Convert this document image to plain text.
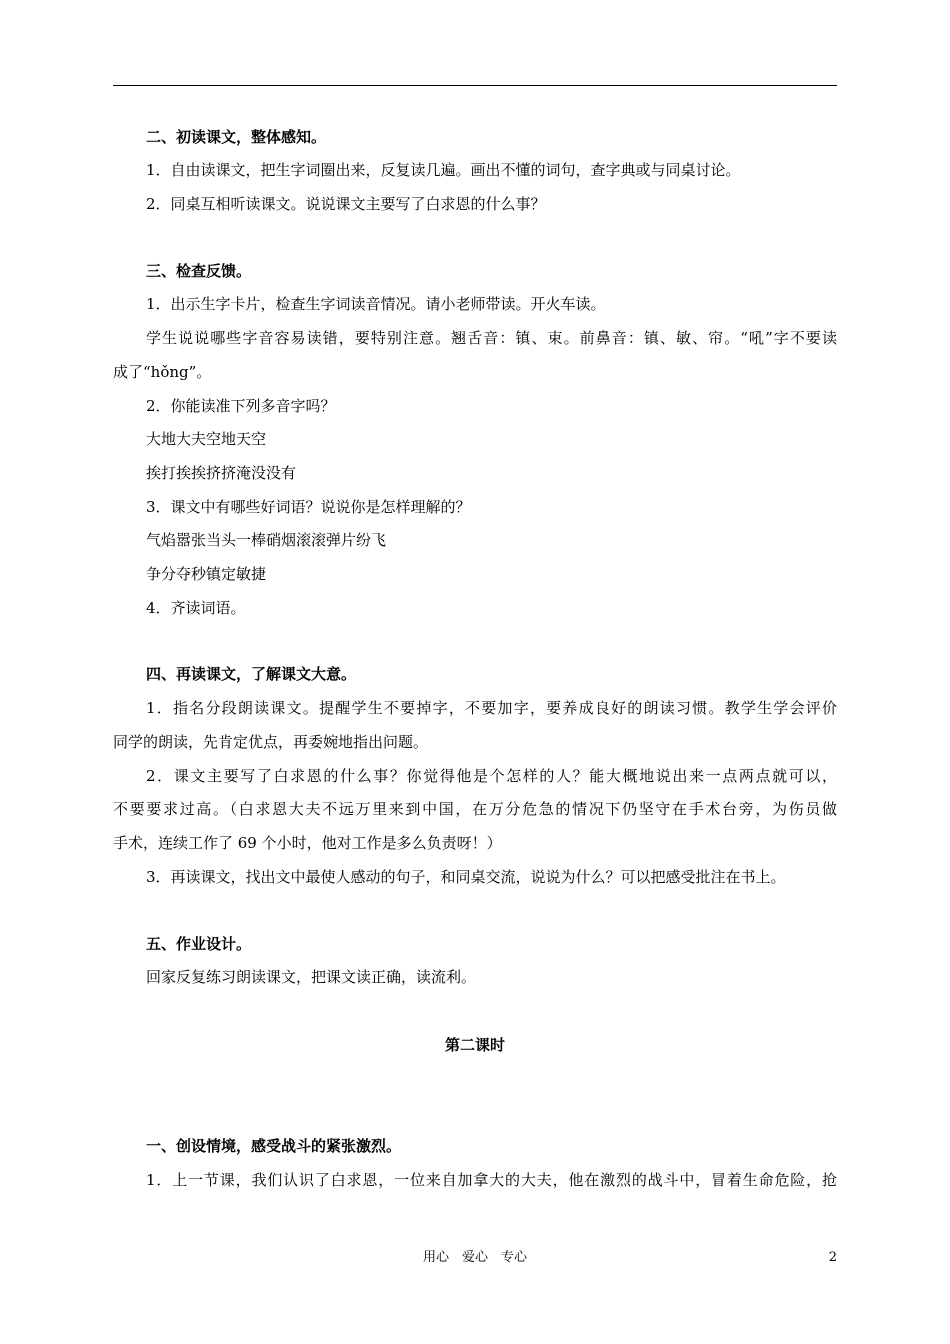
二、初读课文，整体感知。
1．自由读课文，把生字词圈出来，反复读几遍。画出不懂的词句，查字典或与同桌讨论。
2．同桌互相听读课文。说说课文主要写了白求恩的什么事？
三、检查反馈。
1．出示生字卡片，检查生字词读音情况。请小老师带读。开火车读。
学生说说哪些字音容易读错，要特别注意。翘舌音：镇、束。前鼻音：镇、敏、帘。“吼”字不要读
成了“hǒng”。
2．你能读准下列多音字吗？
大地大夫空地天空
挨打挨挨挤挤淹没没有
3．课文中有哪些好词语？说说你是怎样理解的？
气焰嚣张当头一棒硝烟滚滚弹片纷飞
争分夺秒镇定敏捷
4．齐读词语。
四、再读课文，了解课文大意。
1．指名分段朗读课文。提醒学生不要掉字，不要加字，要养成良好的朗读习惯。教学生学会评价
同学的朗读，先肯定优点，再委婉地指出问题。
2．课文主要写了白求恩的什么事？你觉得他是个怎样的人？能大概地说出来一点两点就可以，
不要要求过高。（白求恩大夫不远万里来到中国，在万分危急的情况下仍坚守在手术台旁，为伤员做
手术，连续工作了 69 个小时，他对工作是多么负责呀！）
3．再读课文，找出文中最使人感动的句子，和同桌交流，说说为什么？可以把感受批注在书上。
五、作业设计。
回家反复练习朗读课文，把课文读正确，读流利。
第二课时
一、创设情境，感受战斗的紧张激烈。
1．上一节课，我们认识了白求恩，一位来自加拿大的大夫，他在激烈的战斗中，冒着生命危险，抢
用心　爱心　专心	2
